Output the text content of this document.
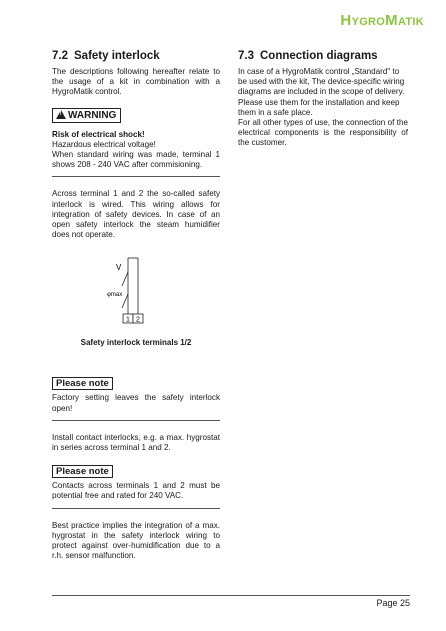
HYGROMATIK
7.2 Safety interlock

The descriptions following hereafter relate to the usage of a kit in combination with a HygroMatik control.

! WARNING

Risk of electrical shock!

Hazardous electrical voltage!

When standard wiring was made, terminal 1 shows 208 - 240 VAC after commisioning.

Across terminal 1 and 2 the so-called safety interlock is wired. This wiring allows for integration of safety devices. In case of an open safety interlock the steam humidifier does not operate.

1 2
V
φmax
Safety interlock terminals 1/2
Please note

Factory setting leaves the safety interlock open!

Install contact interlocks, e.g. a max. hygrostat in series across terminal 1 and 2.

Please note

Contacts across terminals 1 and 2 must be potential free and rated for 240 VAC.

Best practice implies the integration of a max. hygrostat in the safety interlock wiring to protect against over-humidification due to a r.h. sensor malfunction.

7.3 Connection diagrams

In case of a HygroMatik control „Standard" to be used with the kit, The device-specific wiring diagrams are included in the scope of delivery. Please use them for the installation and keep them in a safe place.

For all other types of use, the connection of the electrical components is the responsibility of the customer.

Page 25
